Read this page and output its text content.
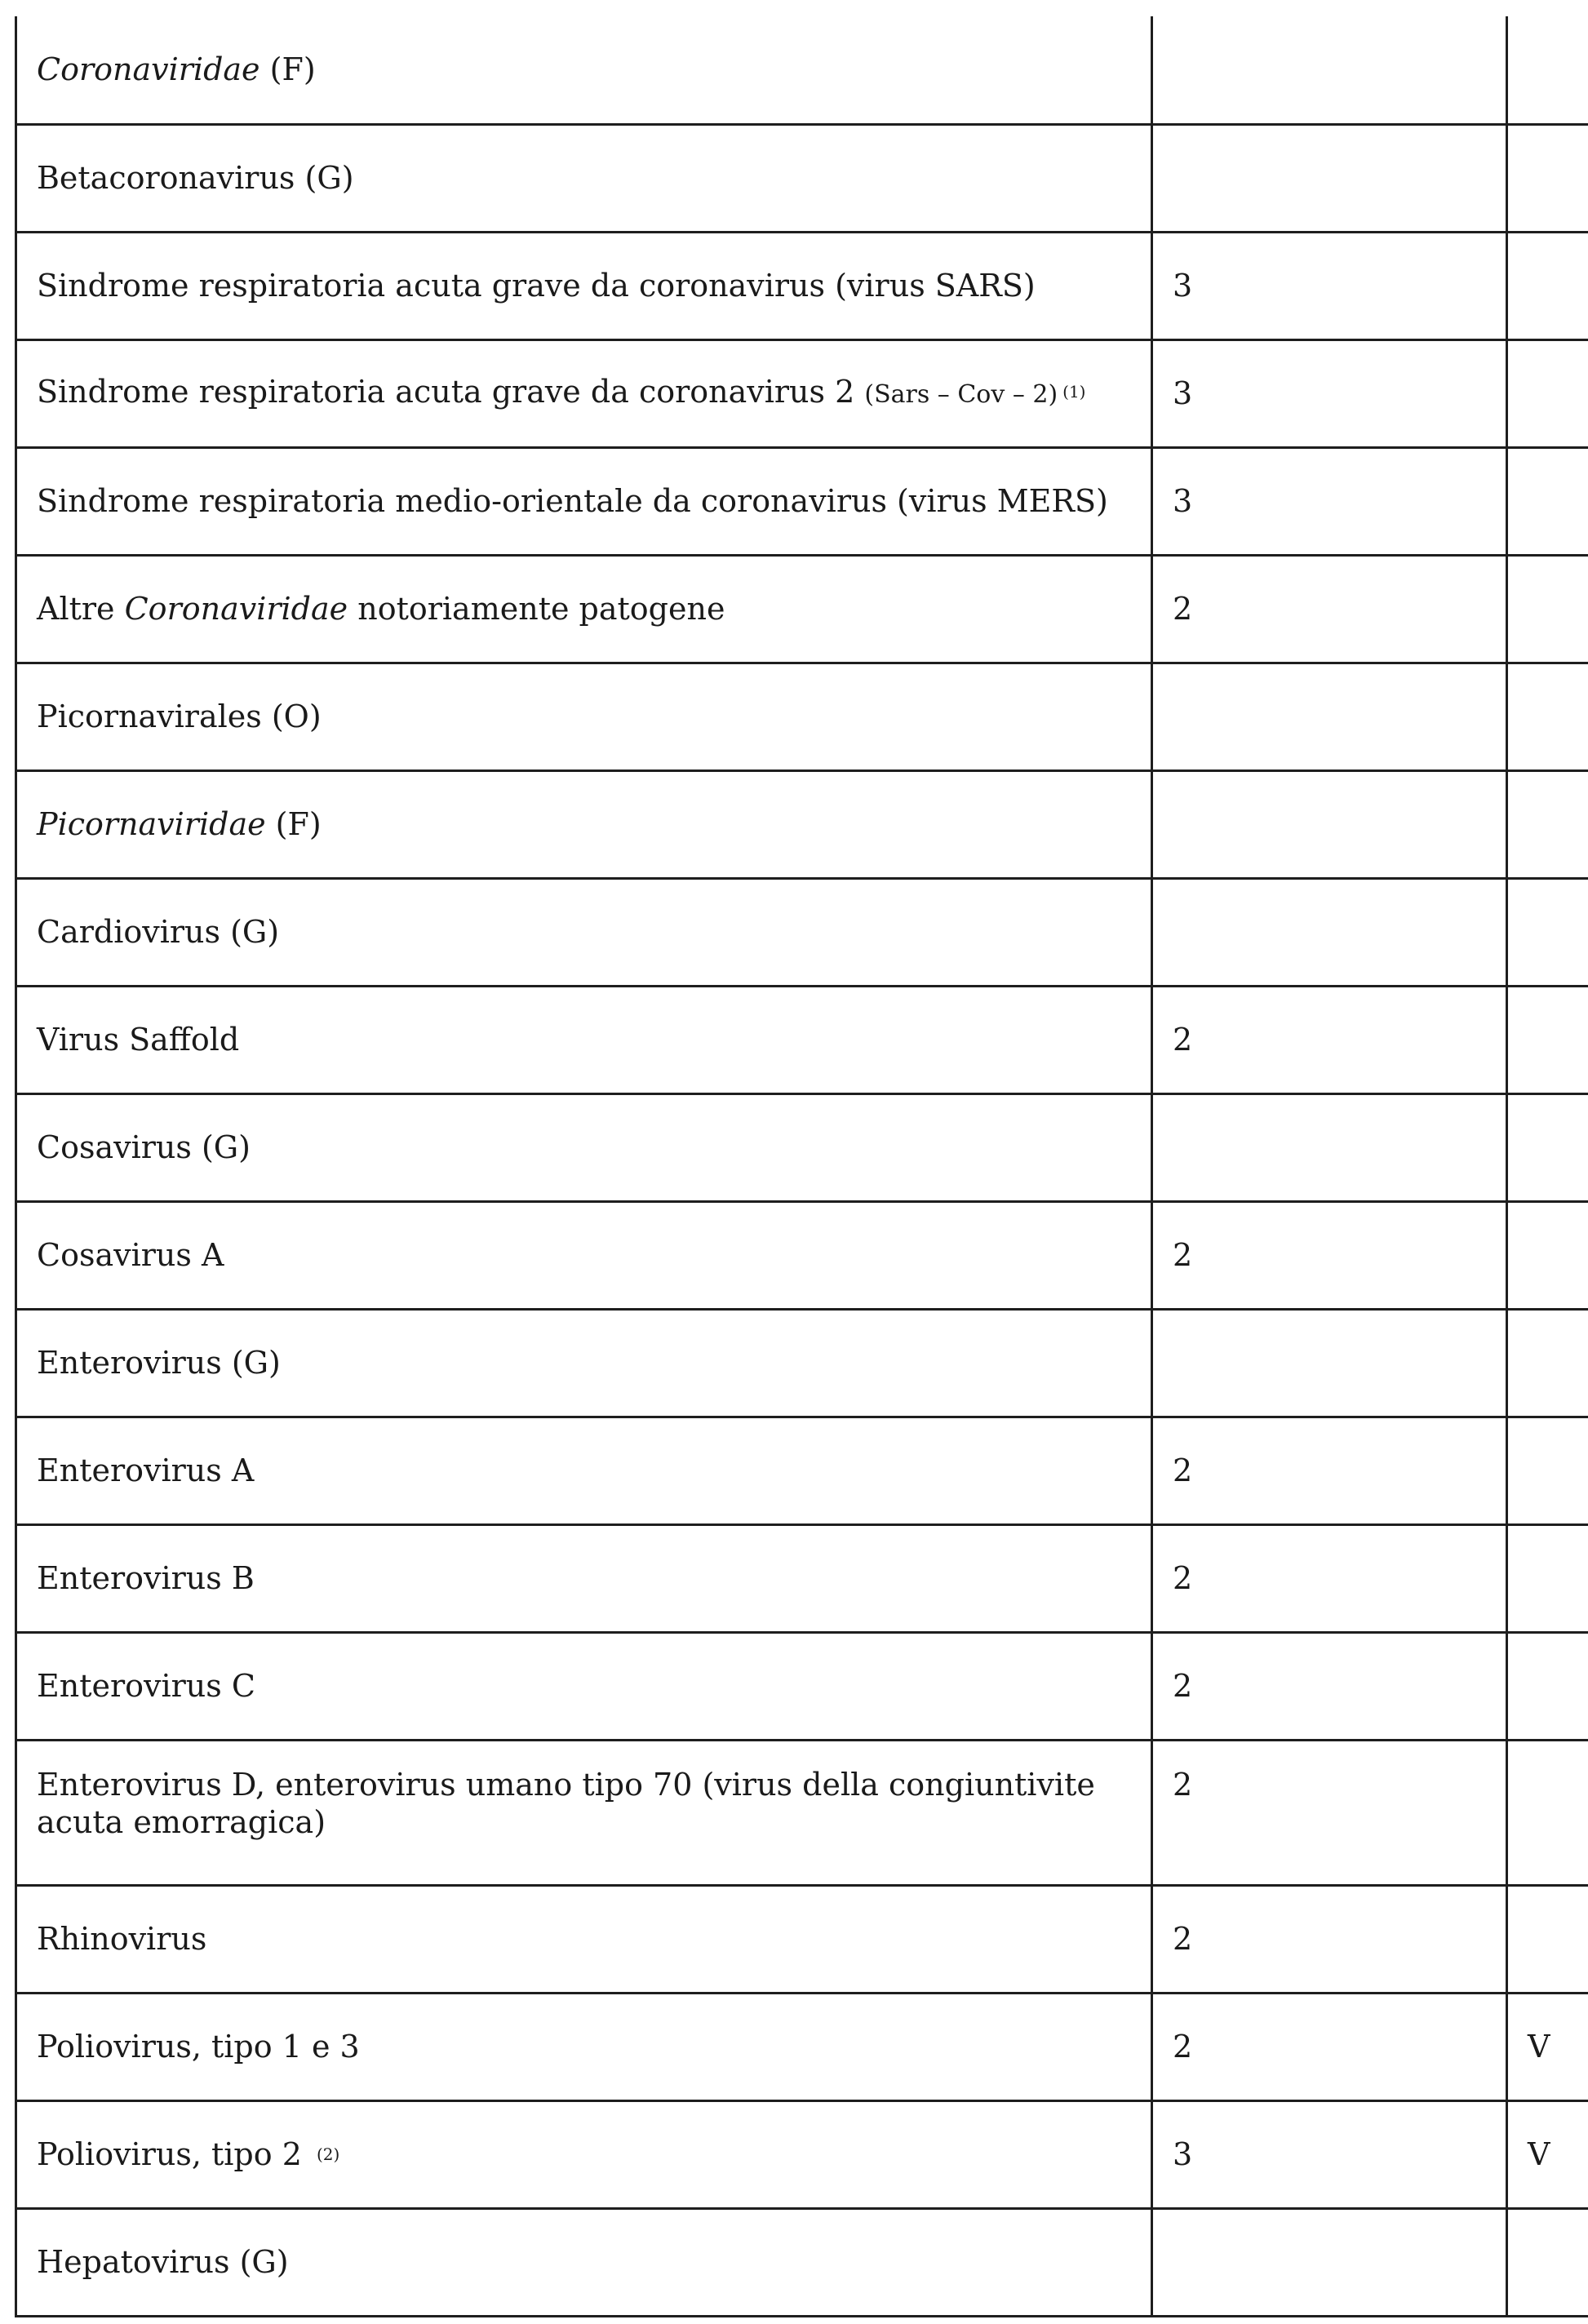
Coronaviridae (F)		
Betacoronavirus (G)		
Sindrome respiratoria acuta grave da coronavirus (virus SARS)	3	
Sindrome respiratoria acuta grave da coronavirus 2 (Sars – Cov – 2) $^{(1)}$	3	
Sindrome respiratoria medio-orientale da coronavirus (virus MERS)	3	
Altre Coronaviridae notoriamente patogene	2	
Picornavirales (O)		
Picornaviridae (F)		
Cardiovirus (G)		
Virus Saffold	2	
Cosavirus (G)		
Cosavirus A	2	
Enterovirus (G)		
Enterovirus A	2	
Enterovirus B	2	
Enterovirus C	2	
Enterovirus D, enterovirus umano tipo 70 (virus della congiuntivite acuta emorragica)	2	
Rhinovirus	2	
Poliovirus, tipo 1 e 3	2	V
Poliovirus, tipo 2 $^{(2)}$	3	V
Hepatovirus (G)		
